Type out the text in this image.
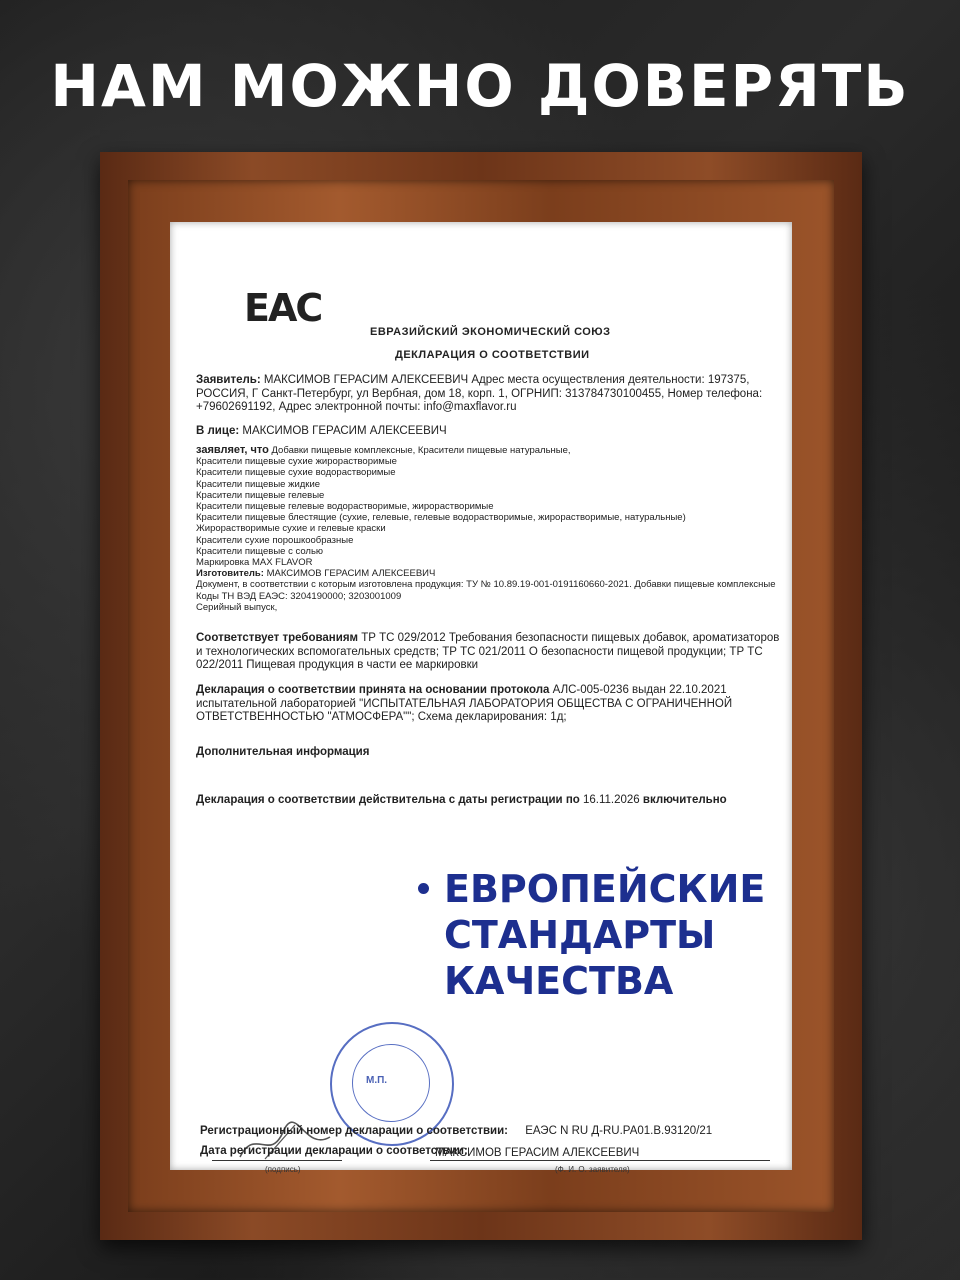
НАМ МОЖНО ДОВЕРЯТЬ
EAC
ЕВРАЗИЙСКИЙ ЭКОНОМИЧЕСКИЙ СОЮЗ
ДЕКЛАРАЦИЯ О СООТВЕТСТВИИ
Заявитель: МАКСИМОВ ГЕРАСИМ АЛЕКСЕЕВИЧ Адрес места осуществления деятельности: 197375, РОССИЯ, Г Санкт-Петербург, ул Вербная, дом 18, корп. 1, ОГРНИП: 313784730100455, Номер телефона: +79602691192, Адрес электронной почты: info@maxflavor.ru
В лице: МАКСИМОВ ГЕРАСИМ АЛЕКСЕЕВИЧ
заявляет, что Добавки пищевые комплексные, Красители пищевые натуральные,
Красители пищевые сухие жирорастворимые
Красители пищевые сухие водорастворимые
Красители пищевые жидкие
Красители пищевые гелевые
Красители пищевые гелевые водорастворимые, жирорастворимые
Красители пищевые блестящие (сухие, гелевые, гелевые водорастворимые, жирорастворимые, натуральные)
Жирорастворимые сухие и гелевые краски
Красители сухие порошкообразные
Красители пищевые с солью
Маркировка MAX FLAVOR
Изготовитель: МАКСИМОВ ГЕРАСИМ АЛЕКСЕЕВИЧ
Документ, в соответствии с которым изготовлена продукция: ТУ № 10.89.19-001-0191160660-2021. Добавки пищевые комплексные
Коды ТН ВЭД ЕАЭС: 3204190000; 3203001009
Серийный выпуск,
Соответствует требованиям ТР ТС 029/2012 Требования безопасности пищевых добавок, ароматизаторов и технологических вспомогательных средств; ТР ТС 021/2011 О безопасности пищевой продукции; ТР ТС 022/2011 Пищевая продукция в части ее маркировки
Декларация о соответствии принята на основании протокола АЛС-005-0236 выдан 22.10.2021 испытательной лабораторией "ИСПЫТАТЕЛЬНАЯ ЛАБОРАТОРИЯ ОБЩЕСТВА С ОГРАНИЧЕННОЙ ОТВЕТСТВЕННОСТЬЮ "АТМОСФЕРА""; Схема декларирования: 1д;
Дополнительная информация
Декларация о соответствии действительна с даты регистрации по 16.11.2026 включительно
М.П.
МАКСИМОВ ГЕРАСИМ АЛЕКСЕЕВИЧ
(подпись)	(Ф. И. О. заявителя)
Регистрационный номер декларации о соответствии: ЕАЭС N RU Д-RU.РА01.В.93120/21
Дата регистрации декларации о соответствии:
ЕВРОПЕЙСКИЕ
СТАНДАРТЫ
КАЧЕСТВА
